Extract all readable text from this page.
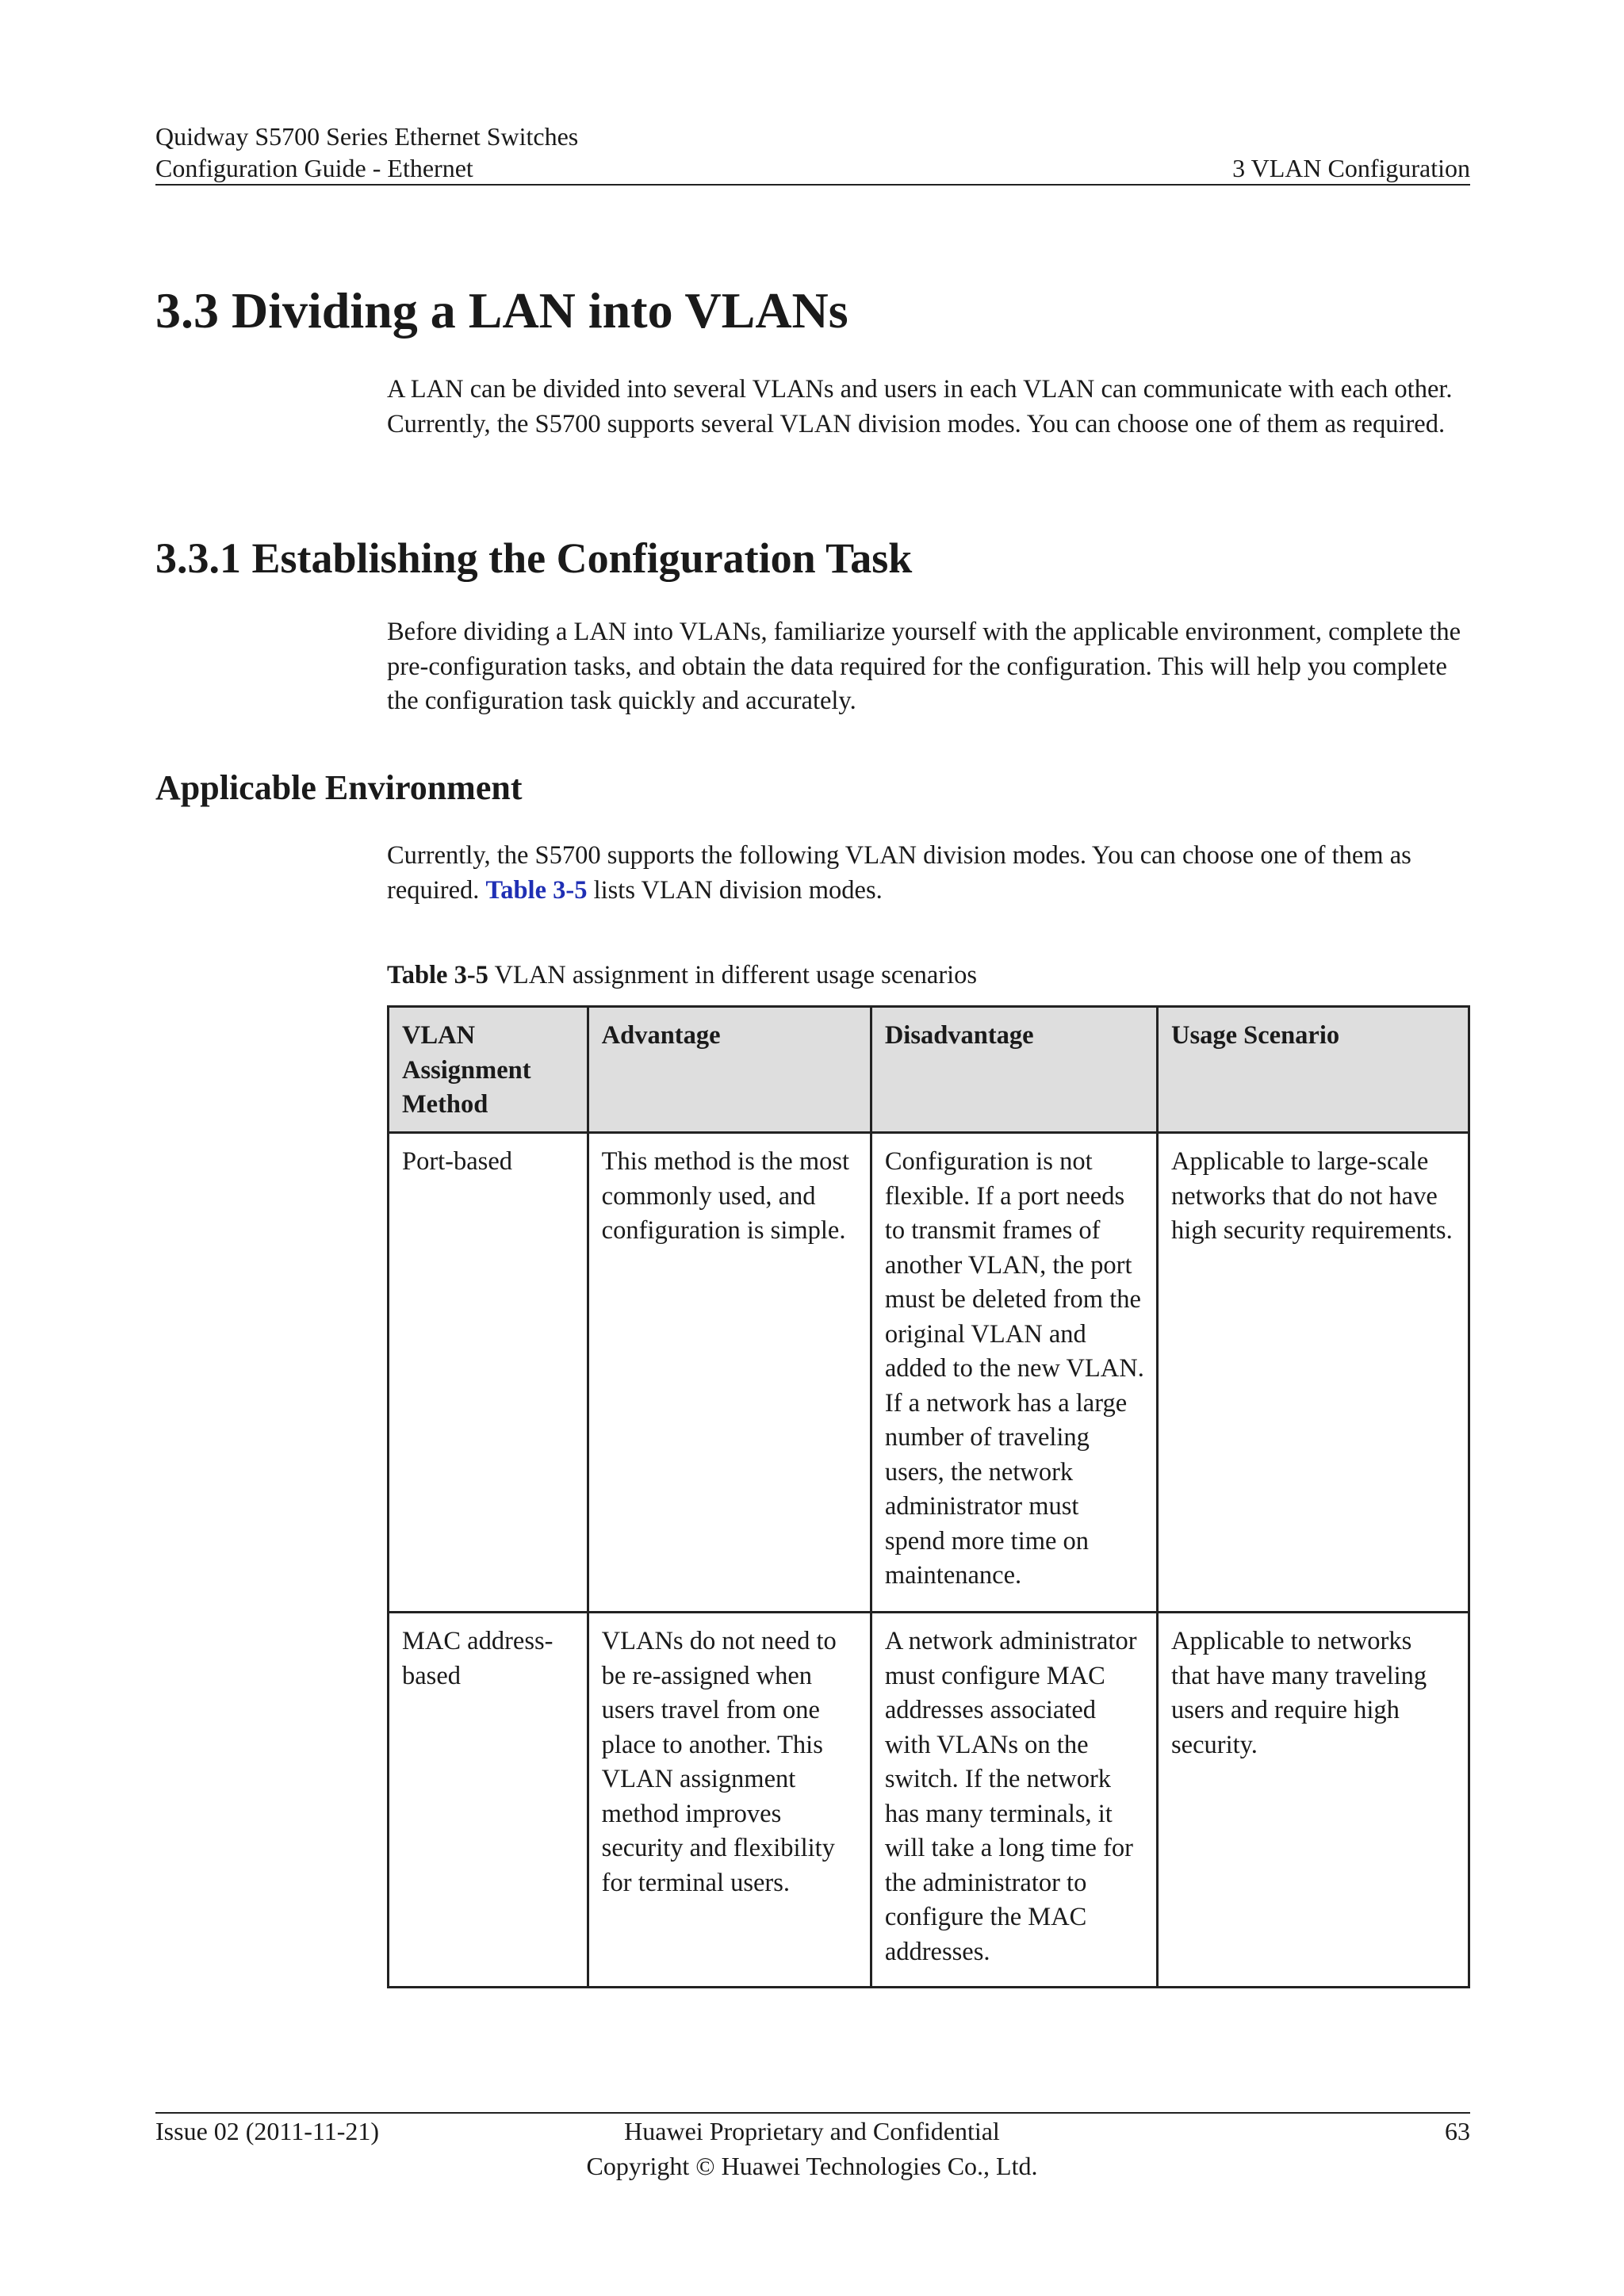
Quidway S5700 Series Ethernet Switches
Configuration Guide - Ethernet	3 VLAN Configuration
3.3 Dividing a LAN into VLANs

A LAN can be divided into several VLANs and users in each VLAN can communicate with each other. Currently, the S5700 supports several VLAN division modes. You can choose one of them as required.

3.3.1 Establishing the Configuration Task

Before dividing a LAN into VLANs, familiarize yourself with the applicable environment, complete the pre-configuration tasks, and obtain the data required for the configuration. This will help you complete the configuration task quickly and accurately.

Applicable Environment

Currently, the S5700 supports the following VLAN division modes. You can choose one of them as required. Table 3-5 lists VLAN division modes.

Table 3-5 VLAN assignment in different usage scenarios
VLAN Assignment Method	Advantage	Disadvantage	Usage Scenario
Port-based	This method is the most commonly used, and configuration is simple.	Configuration is not flexible. If a port needs to transmit frames of another VLAN, the port must be deleted from the original VLAN and added to the new VLAN. If a network has a large number of traveling users, the network administrator must spend more time on maintenance.	Applicable to large-scale networks that do not have high security requirements.
MAC address-based	VLANs do not need to be re-assigned when users travel from one place to another. This VLAN assignment method improves security and flexibility for terminal users.	A network administrator must configure MAC addresses associated with VLANs on the switch. If the network has many terminals, it will take a long time for the administrator to configure the MAC addresses.	Applicable to networks that have many traveling users and require high security.
Issue 02 (2011-11-21)	Huawei Proprietary and Confidential
Copyright © Huawei Technologies Co., Ltd.
63
